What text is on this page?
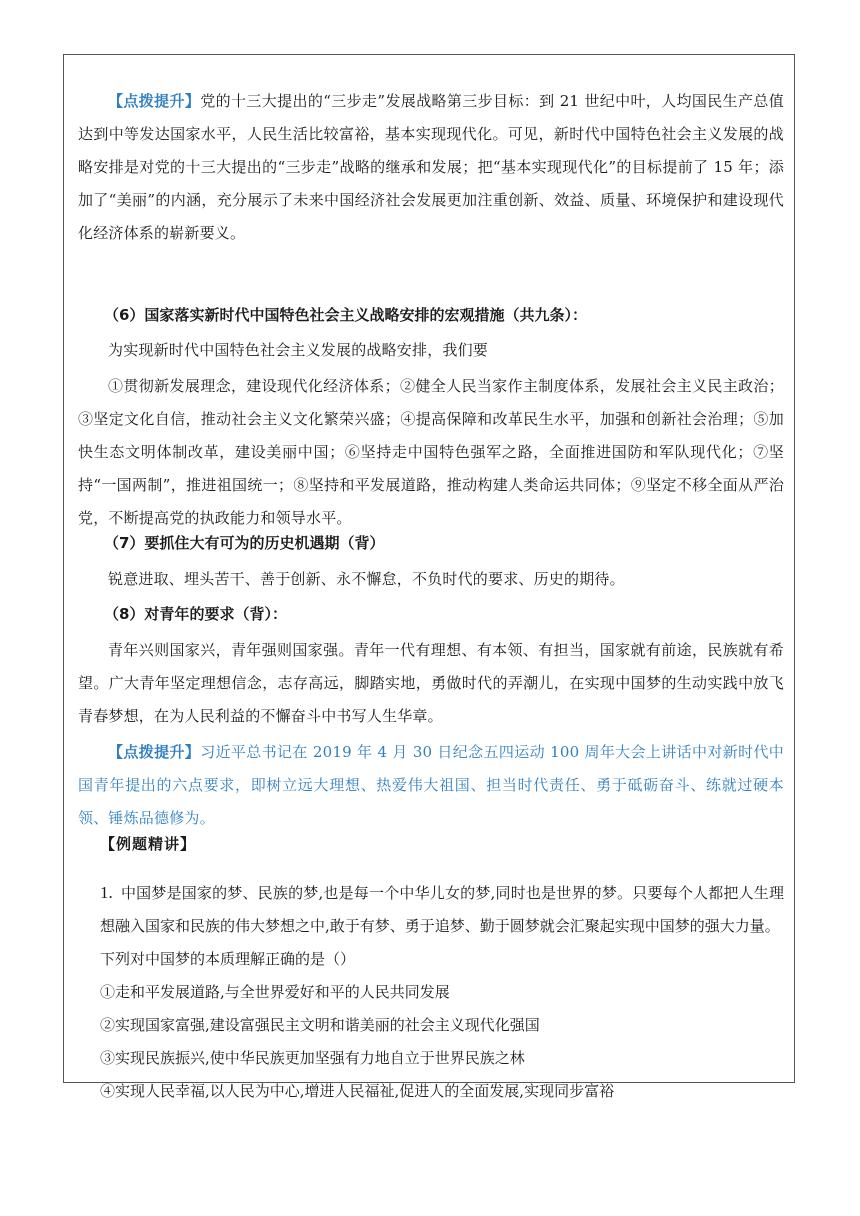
【点拨提升】党的十三大提出的“三步走”发展战略第三步目标：到 21 世纪中叶，人均国民生产总值达到中等发达国家水平，人民生活比较富裕，基本实现现代化。可见，新时代中国特色社会主义发展的战略安排是对党的十三大提出的“三步走”战略的继承和发展；把“基本实现现代化”的目标提前了 15 年；添加了“美丽”的内涵，充分展示了未来中国经济社会发展更加注重创新、效益、质量、环境保护和建设现代化经济体系的崭新要义。

（6）国家落实新时代中国特色社会主义战略安排的宏观措施（共九条）：

为实现新时代中国特色社会主义发展的战略安排，我们要

①贯彻新发展理念，建设现代化经济体系；②健全人民当家作主制度体系，发展社会主义民主政治；③坚定文化自信，推动社会主义文化繁荣兴盛；④提高保障和改革民生水平，加强和创新社会治理；⑤加快生态文明体制改革，建设美丽中国；⑥坚持走中国特色强军之路，全面推进国防和军队现代化；⑦坚持“一国两制”，推进祖国统一；⑧坚持和平发展道路，推动构建人类命运共同体；⑨坚定不移全面从严治党，不断提高党的执政能力和领导水平。

（7）要抓住大有可为的历史机遇期（背）

锐意进取、埋头苦干、善于创新、永不懈怠，不负时代的要求、历史的期待。

（8）对青年的要求（背）：

青年兴则国家兴，青年强则国家强。青年一代有理想、有本领、有担当，国家就有前途，民族就有希望。广大青年坚定理想信念，志存高远，脚踏实地，勇做时代的弄潮儿，在实现中国梦的生动实践中放飞青春梦想，在为人民利益的不懈奋斗中书写人生华章。

【点拨提升】习近平总书记在 2019 年 4 月 30 日纪念五四运动 100 周年大会上讲话中对新时代中国青年提出的六点要求，即树立远大理想、热爱伟大祖国、担当时代责任、勇于砥砺奋斗、练就过硬本领、锤炼品德修为。

【例题精讲】

1. 中国梦是国家的梦、民族的梦,也是每一个中华儿女的梦,同时也是世界的梦。只要每个人都把人生理想融入国家和民族的伟大梦想之中,敢于有梦、勇于追梦、勤于圆梦就会汇聚起实现中国梦的强大力量。

下列对中国梦的本质理解正确的是（）

①走和平发展道路,与全世界爱好和平的人民共同发展

②实现国家富强,建设富强民主文明和谐美丽的社会主义现代化强国

③实现民族振兴,使中华民族更加坚强有力地自立于世界民族之林

④实现人民幸福,以人民为中心,增进人民福祉,促进人的全面发展,实现同步富裕
